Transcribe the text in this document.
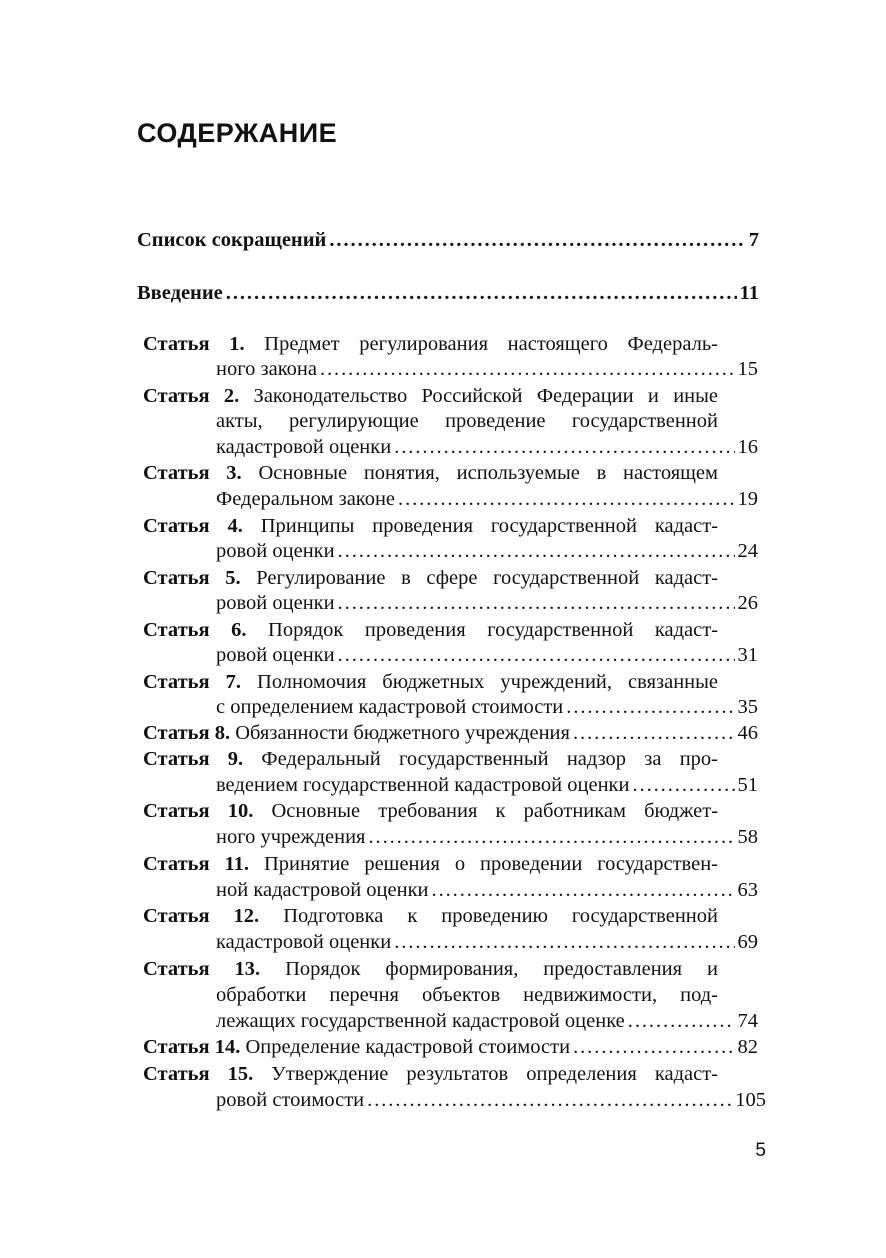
СОДЕРЖАНИЕ
Список сокращений . . .	7
Введение . . .	11
Статья 1. Предмет регулирования настоящего Федераль-
ного закона . . .	15
Статья 2. Законодательство Российской Федерации и иные
акты, регулирующие проведение государственной
кадастровой оценки . . .	16
Статья 3. Основные понятия, используемые в настоящем
Федеральном законе . . .	19
Статья 4. Принципы проведения государственной кадаст-
ровой оценки . . .	24
Статья 5. Регулирование в сфере государственной кадаст-
ровой оценки . . .	26
Статья 6. Порядок проведения государственной кадаст-
ровой оценки . . .	31
Статья 7. Полномочия бюджетных учреждений, связанные
с определением кадастровой стоимости . . .	35
Статья 8. Обязанности бюджетного учреждения . . .	46
Статья 9. Федеральный государственный надзор за про-
ведением государственной кадастровой оценки . . .	51
Статья 10. Основные требования к работникам бюджет-
ного учреждения . . .	58
Статья 11. Принятие решения о проведении государствен-
ной кадастровой оценки . . .	63
Статья 12. Подготовка к проведению государственной
кадастровой оценки . . .	69
Статья 13. Порядок формирования, предоставления и
обработки перечня объектов недвижимости, под-
лежащих государственной кадастровой оценке . . .	74
Статья 14. Определение кадастровой стоимости . . .	82
Статья 15. Утверждение результатов определения кадаст-
ровой стоимости . . .	105
5
